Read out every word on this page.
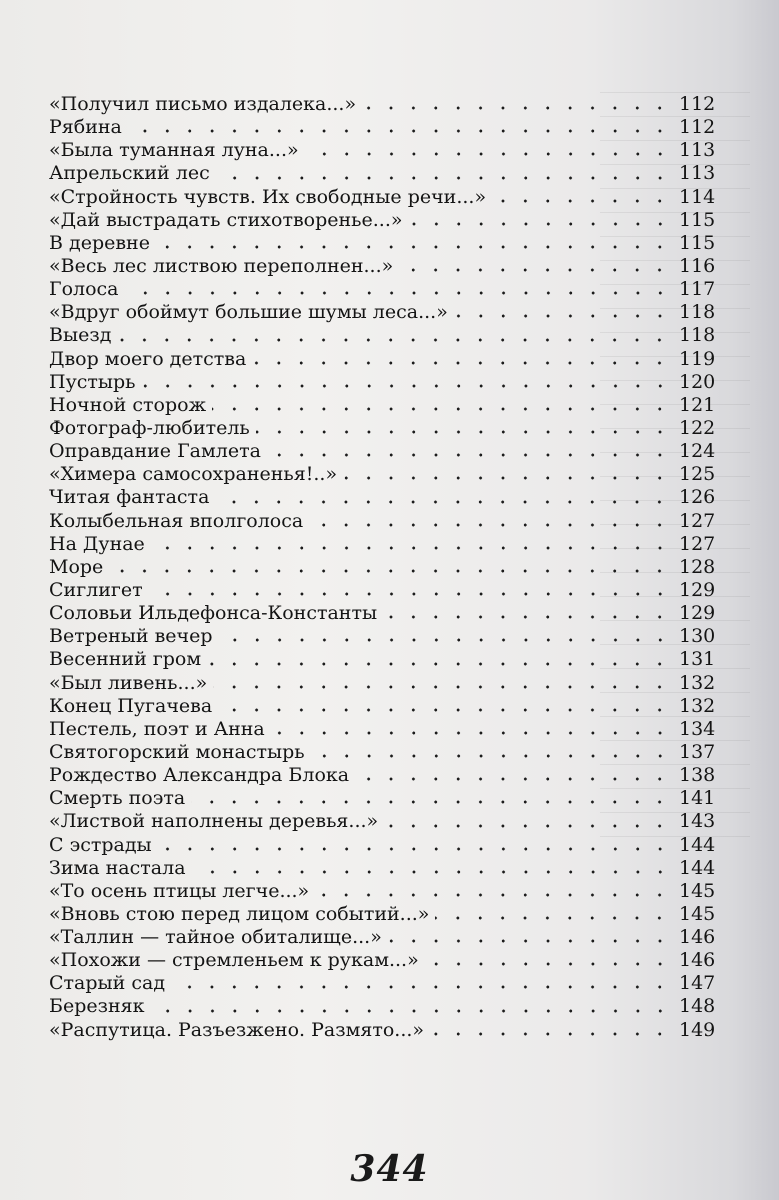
«Получил письмо издалека...»	112
Рябина	112
«Была туманная луна...»	113
Апрельский лес	113
«Стройность чувств. Их свободные речи...»	114
«Дай выстрадать стихотворенье...»	115
В деревне	115
«Весь лес листвою переполнен...»	116
Голоса	117
«Вдруг обоймут большие шумы леса...»	118
Выезд	118
Двор моего детства	119
Пустырь	120
Ночной сторож	121
Фотограф-любитель	122
Оправдание Гамлета	124
«Химера самосохраненья!..»	125
Читая фантаста	126
Колыбельная вполголоса	127
На Дунае	127
Море	128
Сиглигет	129
Соловьи Ильдефонса-Константы	129
Ветреный вечер	130
Весенний гром	131
«Был ливень...»	132
Конец Пугачева	132
Пестель, поэт и Анна	134
Святогорский монастырь	137
Рождество Александра Блока	138
Смерть поэта	141
«Листвой наполнены деревья...»	143
С эстрады	144
Зима настала	144
«То осень птицы легче...»	145
«Вновь стою перед лицом событий...»	145
«Таллин — тайное обиталище...»	146
«Похожи — стремленьем к рукам...»	146
Старый сад	147
Березняк	148
«Распутица. Разъезжено. Размято...»	149
344
